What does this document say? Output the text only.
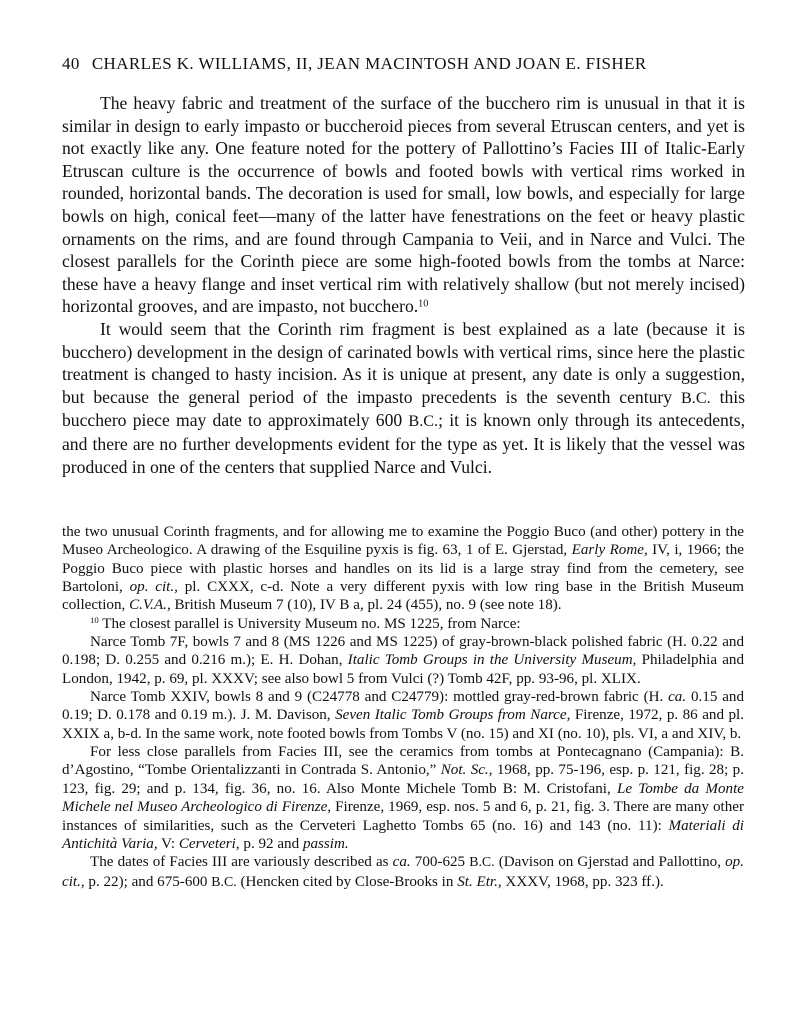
40 CHARLES K. WILLIAMS, II, JEAN MACINTOSH AND JOAN E. FISHER

The heavy fabric and treatment of the surface of the bucchero rim is unusual in that it is similar in design to early impasto or buccheroid pieces from several Etruscan centers, and yet is not exactly like any. One feature noted for the pottery of Pallottino’s Facies III of Italic-Early Etruscan culture is the occurrence of bowls and footed bowls with vertical rims worked in rounded, horizontal bands. The decoration is used for small, low bowls, and especially for large bowls on high, conical feet—many of the latter have fenestrations on the feet or heavy plastic ornaments on the rims, and are found through Campania to Veii, and in Narce and Vulci. The closest parallels for the Corinth piece are some high-footed bowls from the tombs at Narce: these have a heavy flange and inset vertical rim with relatively shallow (but not merely incised) horizontal grooves, and are impasto, not bucchero.$^{10}$

It would seem that the Corinth rim fragment is best explained as a late (because it is bucchero) development in the design of carinated bowls with vertical rims, since here the plastic treatment is changed to hasty incision. As it is unique at present, any date is only a suggestion, but because the general period of the impasto precedents is the seventh century B.C. this bucchero piece may date to approximately 600 B.C.; it is known only through its antecedents, and there are no further developments evident for the type as yet. It is likely that the vessel was produced in one of the centers that supplied Narce and Vulci.

the two unusual Corinth fragments, and for allowing me to examine the Poggio Buco (and other) pottery in the Museo Archeologico. A drawing of the Esquiline pyxis is fig. 63, 1 of E. Gjerstad, Early Rome, IV, i, 1966; the Poggio Buco piece with plastic horses and handles on its lid is a large stray find from the cemetery, see Bartoloni, op. cit., pl. CXXX, c-d. Note a very different pyxis with low ring base in the British Museum collection, C.V.A., British Museum 7 (10), IV B a, pl. 24 (455), no. 9 (see note 18).

$^{10}$ The closest parallel is University Museum no. MS 1225, from Narce:

Narce Tomb 7F, bowls 7 and 8 (MS 1226 and MS 1225) of gray-brown-black polished fabric (H. 0.22 and 0.198; D. 0.255 and 0.216 m.); E. H. Dohan, Italic Tomb Groups in the University Museum, Philadelphia and London, 1942, p. 69, pl. XXXV; see also bowl 5 from Vulci (?) Tomb 42F, pp. 93-96, pl. XLIX.

Narce Tomb XXIV, bowls 8 and 9 (C24778 and C24779): mottled gray-red-brown fabric (H. ca. 0.15 and 0.19; D. 0.178 and 0.19 m.). J. M. Davison, Seven Italic Tomb Groups from Narce, Firenze, 1972, p. 86 and pl. XXIX a, b-d. In the same work, note footed bowls from Tombs V (no. 15) and XI (no. 10), pls. VI, a and XIV, b.

For less close parallels from Facies III, see the ceramics from tombs at Pontecagnano (Campania): B. d’Agostino, “Tombe Orientalizzanti in Contrada S. Antonio,” Not. Sc., 1968, pp. 75-196, esp. p. 121, fig. 28; p. 123, fig. 29; and p. 134, fig. 36, no. 16. Also Monte Michele Tomb B: M. Cristofani, Le Tombe da Monte Michele nel Museo Archeologico di Firenze, Firenze, 1969, esp. nos. 5 and 6, p. 21, fig. 3. There are many other instances of similarities, such as the Cerveteri Laghetto Tombs 65 (no. 16) and 143 (no. 11): Materiali di Antichità Varia, V: Cerveteri, p. 92 and passim.

The dates of Facies III are variously described as ca. 700-625 B.C. (Davison on Gjerstad and Pallottino, op. cit., p. 22); and 675-600 B.C. (Hencken cited by Close-Brooks in St. Etr., XXXV, 1968, pp. 323 ff.).
